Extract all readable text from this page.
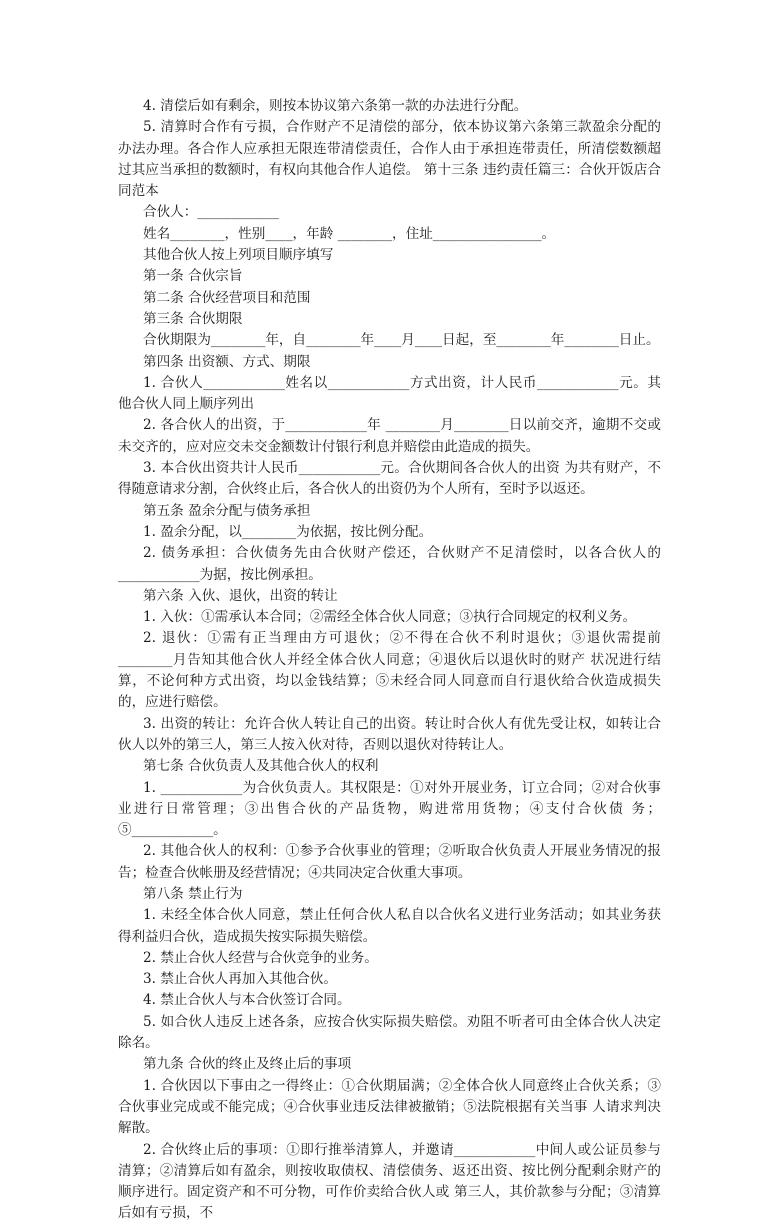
4. 清偿后如有剩余，则按本协议第六条第一款的办法进行分配。

5. 清算时合作有亏损，合作财产不足清偿的部分，依本协议第六条第三款盈余分配的办法办理。各合作人应承担无限连带清偿责任，合作人由于承担连带责任，所清偿数额超过其应当承担的数额时，有权向其他合作人追偿。 第十三条 违约责任篇三：合伙开饭店合同范本

合伙人：____________

姓名________，性别____，年龄 ________，住址________________。

其他合伙人按上列项目顺序填写

第一条 合伙宗旨

第二条 合伙经营项目和范围

第三条 合伙期限

合伙期限为________年，自________年____月____日起，至________年________日止。

第四条 出资额、方式、期限

1. 合伙人____________姓名以____________方式出资，计人民币____________元。其他合伙人同上顺序列出

2. 各合伙人的出资，于____________年 ________月________日以前交齐，逾期不交或未交齐的，应对应交未交金额数计付银行利息并赔偿由此造成的损失。

3. 本合伙出资共计人民币____________元。合伙期间各合伙人的出资 为共有财产，不得随意请求分割，合伙终止后，各合伙人的出资仍为个人所有，至时予以返还。

第五条 盈余分配与债务承担

1. 盈余分配，以________为依据，按比例分配。

2. 债务承担：合伙债务先由合伙财产偿还，合伙财产不足清偿时，以各合伙人的____________为据，按比例承担。

第六条 入伙、退伙，出资的转让

1. 入伙：①需承认本合同；②需经全体合伙人同意；③执行合同规定的权利义务。

2. 退伙：①需有正当理由方可退伙；②不得在合伙不利时退伙；③退伙需提前________月告知其他合伙人并经全体合伙人同意；④退伙后以退伙时的财产 状况进行结算，不论何种方式出资，均以金钱结算；⑤未经合同人同意而自行退伙给合伙造成损失的，应进行赔偿。

3. 出资的转让：允许合伙人转让自己的出资。转让时合伙人有优先受让权，如转让合伙人以外的第三人，第三人按入伙对待，否则以退伙对待转让人。

第七条 合伙负责人及其他合伙人的权利

1. ____________为合伙负责人。其权限是：①对外开展业务，订立合同；②对合伙事业进行日常管理；③出售合伙的产品货物，购进常用货物；④支付合伙债 务；⑤____________。

2. 其他合伙人的权利：①参予合伙事业的管理；②听取合伙负责人开展业务情况的报告；检查合伙帐册及经营情况；④共同决定合伙重大事项。

第八条 禁止行为

1. 未经全体合伙人同意，禁止任何合伙人私自以合伙名义进行业务活动；如其业务获得利益归合伙，造成损失按实际损失赔偿。

2. 禁止合伙人经营与合伙竞争的业务。

3. 禁止合伙人再加入其他合伙。

4. 禁止合伙人与本合伙签订合同。

5. 如合伙人违反上述各条，应按合伙实际损失赔偿。劝阻不听者可由全体合伙人决定除名。

第九条 合伙的终止及终止后的事项

1. 合伙因以下事由之一得终止：①合伙期届满；②全体合伙人同意终止合伙关系；③合伙事业完成或不能完成；④合伙事业违反法律被撤销；⑤法院根据有关当事 人请求判决解散。

2. 合伙终止后的事项：①即行推举清算人，并邀请____________中间人或公证员参与清算；②清算后如有盈余，则按收取债权、清偿债务、返还出资、按比例分配剩余财产的顺序进行。固定资产和不可分物，可作价卖给合伙人或 第三人，其价款参与分配；③清算后如有亏损，不
